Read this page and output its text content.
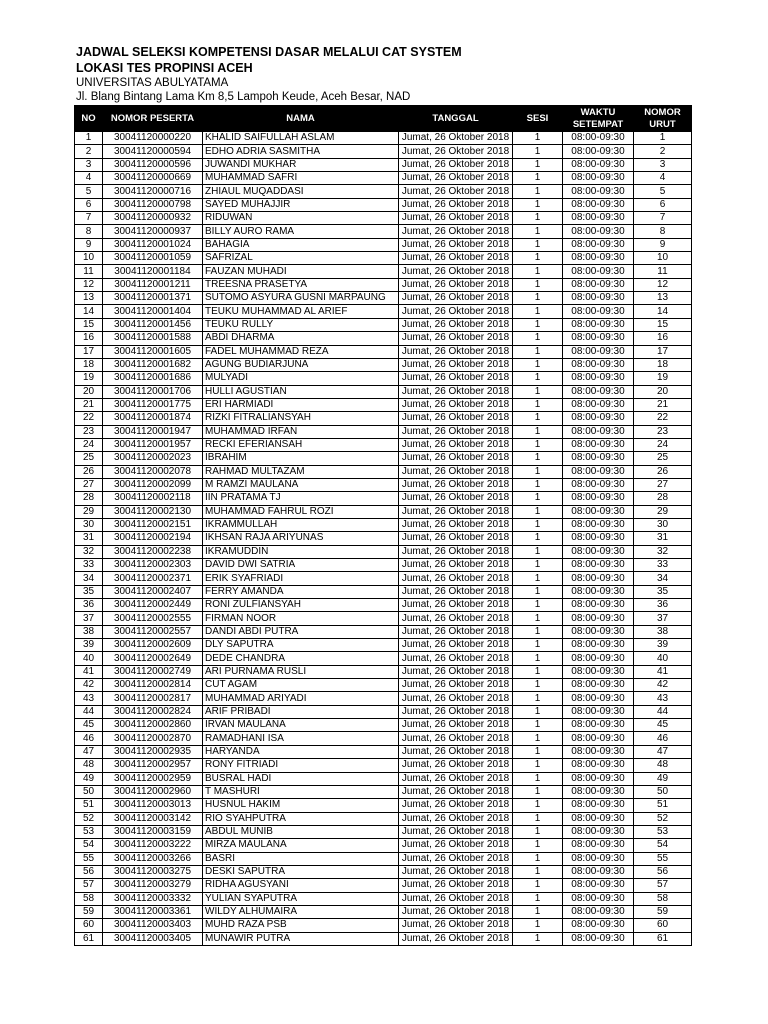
JADWAL SELEKSI KOMPETENSI DASAR MELALUI CAT SYSTEM
LOKASI TES PROPINSI ACEH
UNIVERSITAS ABULYATAMA
Jl. Blang Bintang Lama Km 8,5 Lampoh Keude, Aceh Besar, NAD
NO	NOMOR PESERTA	NAMA	TANGGAL	SESI	WAKTU SETEMPAT	NOMOR URUT
1	30041120000220	KHALID SAIFULLAH ASLAM	Jumat, 26 Oktober 2018	1	08:00-09:30	1
2	30041120000594	EDHO ADRIA SASMITHA	Jumat, 26 Oktober 2018	1	08:00-09:30	2
3	30041120000596	JUWANDI MUKHAR	Jumat, 26 Oktober 2018	1	08:00-09:30	3
4	30041120000669	MUHAMMAD SAFRI	Jumat, 26 Oktober 2018	1	08:00-09:30	4
5	30041120000716	ZHIAUL MUQADDASI	Jumat, 26 Oktober 2018	1	08:00-09:30	5
6	30041120000798	SAYED MUHAJJIR	Jumat, 26 Oktober 2018	1	08:00-09:30	6
7	30041120000932	RIDUWAN	Jumat, 26 Oktober 2018	1	08:00-09:30	7
8	30041120000937	BILLY AURO RAMA	Jumat, 26 Oktober 2018	1	08:00-09:30	8
9	30041120001024	BAHAGIA	Jumat, 26 Oktober 2018	1	08:00-09:30	9
10	30041120001059	SAFRIZAL	Jumat, 26 Oktober 2018	1	08:00-09:30	10
11	30041120001184	FAUZAN MUHADI	Jumat, 26 Oktober 2018	1	08:00-09:30	11
12	30041120001211	TREESNA PRASETYA	Jumat, 26 Oktober 2018	1	08:00-09:30	12
13	30041120001371	SUTOMO ASYURA GUSNI MARPAUNG	Jumat, 26 Oktober 2018	1	08:00-09:30	13
14	30041120001404	TEUKU MUHAMMAD AL ARIEF	Jumat, 26 Oktober 2018	1	08:00-09:30	14
15	30041120001456	TEUKU RULLY	Jumat, 26 Oktober 2018	1	08:00-09:30	15
16	30041120001588	ABDI DHARMA	Jumat, 26 Oktober 2018	1	08:00-09:30	16
17	30041120001605	FADEL MUHAMMAD REZA	Jumat, 26 Oktober 2018	1	08:00-09:30	17
18	30041120001682	AGUNG BUDIARJUNA	Jumat, 26 Oktober 2018	1	08:00-09:30	18
19	30041120001686	MULYADI	Jumat, 26 Oktober 2018	1	08:00-09:30	19
20	30041120001706	HULLI AGUSTIAN	Jumat, 26 Oktober 2018	1	08:00-09:30	20
21	30041120001775	ERI HARMIADI	Jumat, 26 Oktober 2018	1	08:00-09:30	21
22	30041120001874	RIZKI FITRALIANSYAH	Jumat, 26 Oktober 2018	1	08:00-09:30	22
23	30041120001947	MUHAMMAD IRFAN	Jumat, 26 Oktober 2018	1	08:00-09:30	23
24	30041120001957	RECKI EFERIANSAH	Jumat, 26 Oktober 2018	1	08:00-09:30	24
25	30041120002023	IBRAHIM	Jumat, 26 Oktober 2018	1	08:00-09:30	25
26	30041120002078	RAHMAD MULTAZAM	Jumat, 26 Oktober 2018	1	08:00-09:30	26
27	30041120002099	M RAMZI MAULANA	Jumat, 26 Oktober 2018	1	08:00-09:30	27
28	30041120002118	IIN PRATAMA TJ	Jumat, 26 Oktober 2018	1	08:00-09:30	28
29	30041120002130	MUHAMMAD FAHRUL ROZI	Jumat, 26 Oktober 2018	1	08:00-09:30	29
30	30041120002151	IKRAMMULLAH	Jumat, 26 Oktober 2018	1	08:00-09:30	30
31	30041120002194	IKHSAN RAJA ARIYUNAS	Jumat, 26 Oktober 2018	1	08:00-09:30	31
32	30041120002238	IKRAMUDDIN	Jumat, 26 Oktober 2018	1	08:00-09:30	32
33	30041120002303	DAVID DWI SATRIA	Jumat, 26 Oktober 2018	1	08:00-09:30	33
34	30041120002371	ERIK SYAFRIADI	Jumat, 26 Oktober 2018	1	08:00-09:30	34
35	30041120002407	FERRY AMANDA	Jumat, 26 Oktober 2018	1	08:00-09:30	35
36	30041120002449	RONI ZULFIANSYAH	Jumat, 26 Oktober 2018	1	08:00-09:30	36
37	30041120002555	FIRMAN NOOR	Jumat, 26 Oktober 2018	1	08:00-09:30	37
38	30041120002557	DANDI ABDI PUTRA	Jumat, 26 Oktober 2018	1	08:00-09:30	38
39	30041120002609	DLY SAPUTRA	Jumat, 26 Oktober 2018	1	08:00-09:30	39
40	30041120002649	DEDE CHANDRA	Jumat, 26 Oktober 2018	1	08:00-09:30	40
41	30041120002749	ARI PURNAMA RUSLI	Jumat, 26 Oktober 2018	1	08:00-09:30	41
42	30041120002814	CUT AGAM	Jumat, 26 Oktober 2018	1	08:00-09:30	42
43	30041120002817	MUHAMMAD ARIYADI	Jumat, 26 Oktober 2018	1	08:00-09:30	43
44	30041120002824	ARIF PRIBADI	Jumat, 26 Oktober 2018	1	08:00-09:30	44
45	30041120002860	IRVAN MAULANA	Jumat, 26 Oktober 2018	1	08:00-09:30	45
46	30041120002870	RAMADHANI ISA	Jumat, 26 Oktober 2018	1	08:00-09:30	46
47	30041120002935	HARYANDA	Jumat, 26 Oktober 2018	1	08:00-09:30	47
48	30041120002957	RONY FITRIADI	Jumat, 26 Oktober 2018	1	08:00-09:30	48
49	30041120002959	BUSRAL HADI	Jumat, 26 Oktober 2018	1	08:00-09:30	49
50	30041120002960	T MASHURI	Jumat, 26 Oktober 2018	1	08:00-09:30	50
51	30041120003013	HUSNUL HAKIM	Jumat, 26 Oktober 2018	1	08:00-09:30	51
52	30041120003142	RIO SYAHPUTRA	Jumat, 26 Oktober 2018	1	08:00-09:30	52
53	30041120003159	ABDUL MUNIB	Jumat, 26 Oktober 2018	1	08:00-09:30	53
54	30041120003222	MIRZA MAULANA	Jumat, 26 Oktober 2018	1	08:00-09:30	54
55	30041120003266	BASRI	Jumat, 26 Oktober 2018	1	08:00-09:30	55
56	30041120003275	DESKI SAPUTRA	Jumat, 26 Oktober 2018	1	08:00-09:30	56
57	30041120003279	RIDHA AGUSYANI	Jumat, 26 Oktober 2018	1	08:00-09:30	57
58	30041120003332	YULIAN SYAPUTRA	Jumat, 26 Oktober 2018	1	08:00-09:30	58
59	30041120003361	WILDY ALHUMAIRA	Jumat, 26 Oktober 2018	1	08:00-09:30	59
60	30041120003403	MUHD RAZA PSB	Jumat, 26 Oktober 2018	1	08:00-09:30	60
61	30041120003405	MUNAWIR PUTRA	Jumat, 26 Oktober 2018	1	08:00-09:30	61
